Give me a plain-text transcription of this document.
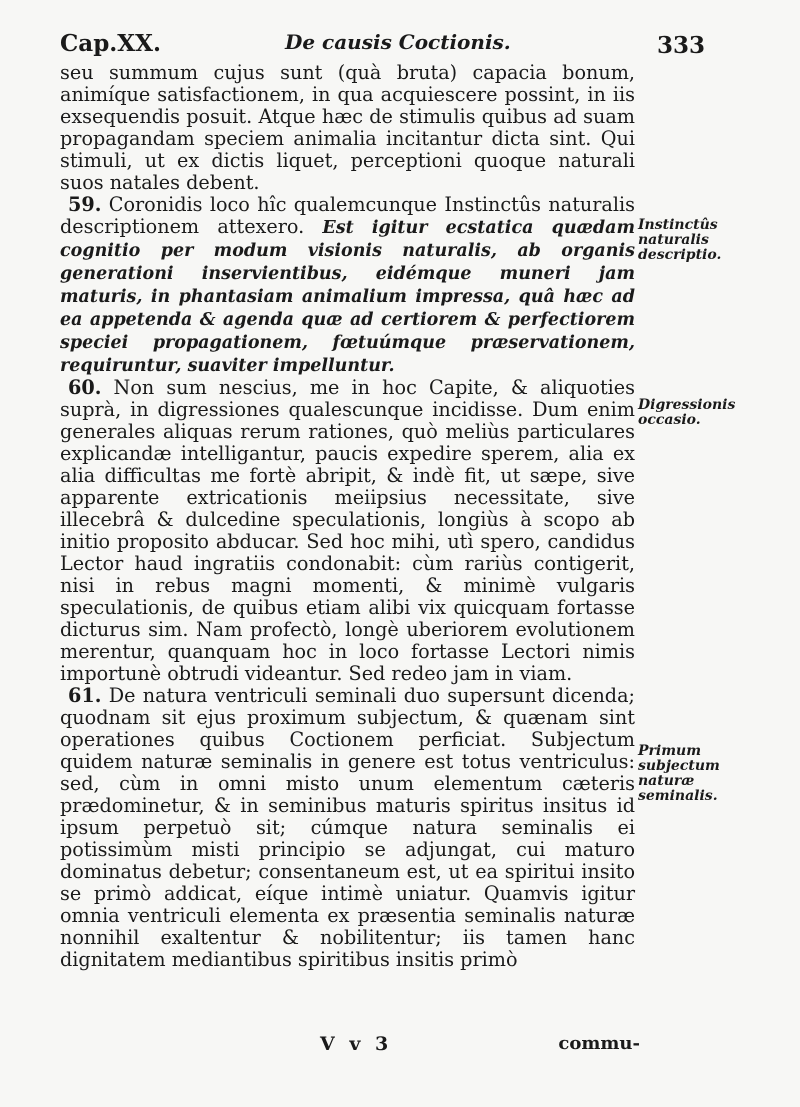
Cap.XX.	De causis Coctionis.	333

seu summum cujus sunt (quà bruta) capacia bonum, animíque satisfactionem, in qua acquiescere possint, in iis exsequendis posuit. Atque hæc de stimulis quibus ad suam propagandam speciem animalia incitantur dicta sint. Qui stimuli, ut ex dictis liquet, perceptioni quoque naturali suos natales debent.

59. Coronidis loco hîc qualemcunque Instinctûs naturalis descriptionem attexero. Est igitur ecstatica quædam cognitio per modum visionis naturalis, ab organis generationi inservientibus, eidémque muneri jam maturis, in phantasiam animalium impressa, quâ hæc ad ea appetenda & agenda quæ ad certiorem & perfectiorem speciei propagationem, fœtuúmque præservationem, requiruntur, suaviter impelluntur.

60. Non sum nescius, me in hoc Capite, & aliquoties suprà, in digressiones qualescunque incidisse. Dum enim generales aliquas rerum rationes, quò meliùs particulares explicandæ intelligantur, paucis expedire sperem, alia ex alia difficultas me fortè abripit, & indè fit, ut sæpe, sive apparente extricationis meiipsius necessitate, sive illecebrâ & dulcedine speculationis, longiùs à scopo ab initio proposito abducar. Sed hoc mihi, utì spero, candidus Lector haud ingratiis condonabit: cùm rariùs contigerit, nisi in rebus magni momenti, & minimè vulgaris speculationis, de quibus etiam alibi vix quicquam fortasse dicturus sim. Nam profectò, longè uberiorem evolutionem merentur, quanquam hoc in loco fortasse Lectori nimis importunè obtrudi videantur. Sed redeo jam in viam.

61. De natura ventriculi seminali duo supersunt dicenda; quodnam sit ejus proximum subjectum, & quænam sint operationes quibus Coctionem perficiat. Subjectum quidem naturæ seminalis in genere est totus ventriculus: sed, cùm in omni misto unum elementum cæteris prædominetur, & in seminibus maturis spiritus insitus id ipsum perpetuò sit; cúmque natura seminalis ei potissimùm misti principio se adjungat, cui maturo dominatus debetur; consentaneum est, ut ea spiritui insito se primò addicat, eíque intimè uniatur. Quamvis igitur omnia ventriculi elementa ex præsentia seminalis naturæ nonnihil exaltentur & nobilitentur; iis tamen hanc dignitatem mediantibus spiritibus insitis primò

Instinctûs naturalis descriptio.
Digressionis occasio.
Primum subjectum naturæ seminalis.
V v 3	commu-
